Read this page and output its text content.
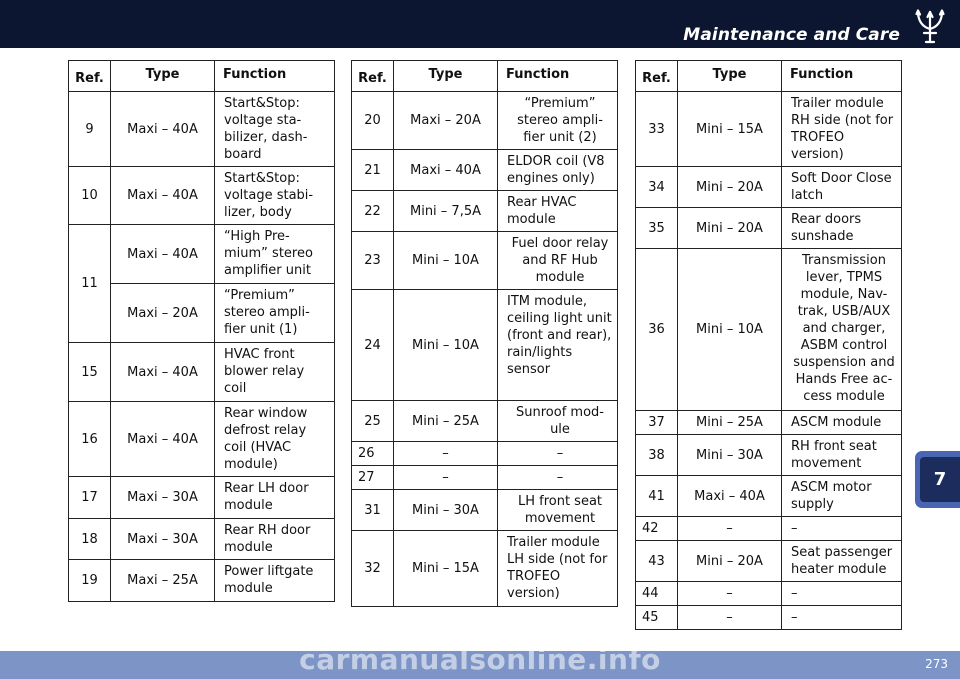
Maintenance and Care
Ref.	Type	Function
9	Maxi – 40A	Start&Stop: voltage sta-bilizer, dash-board
10	Maxi – 40A	Start&Stop: voltage stabi-lizer, body
11	Maxi – 40A	“High Pre-mium” stereo amplifier unit
	Maxi – 20A	“Premium” stereo ampli-fier unit (1)
15	Maxi – 40A	HVAC front blower relay coil
16	Maxi – 40A	Rear window defrost relay coil (HVAC module)
17	Maxi – 30A	Rear LH door module
18	Maxi – 30A	Rear RH door module
19	Maxi – 25A	Power liftgate module
Ref.	Type	Function
20	Maxi – 20A	“Premium” stereo ampli-fier unit (2)
21	Maxi – 40A	ELDOR coil (V8 engines only)
22	Mini – 7,5A	Rear HVAC module
23	Mini – 10A	Fuel door relay and RF Hub module
24	Mini – 10A	ITM module, ceiling light unit (front and rear), rain/lights sensor
25	Mini – 25A	Sunroof mod-ule
26	–	–
27	–	–
31	Mini – 30A	LH front seat movement
32	Mini – 15A	Trailer module LH side (not for TROFEO version)
Ref.	Type	Function
33	Mini – 15A	Trailer module RH side (not for TROFEO version)
34	Mini – 20A	Soft Door Close latch
35	Mini – 20A	Rear doors sunshade
36	Mini – 10A	Transmission lever, TPMS module, Nav-trak, USB/AUX and charger, ASBM control suspension and Hands Free ac-cess module
37	Mini – 25A	ASCM module
38	Mini – 30A	RH front seat movement
41	Maxi – 40A	ASCM motor supply
42	–	–
43	Mini – 20A	Seat passenger heater module
44	–	–
45	–	–
7
carmanualsonline.info	273
